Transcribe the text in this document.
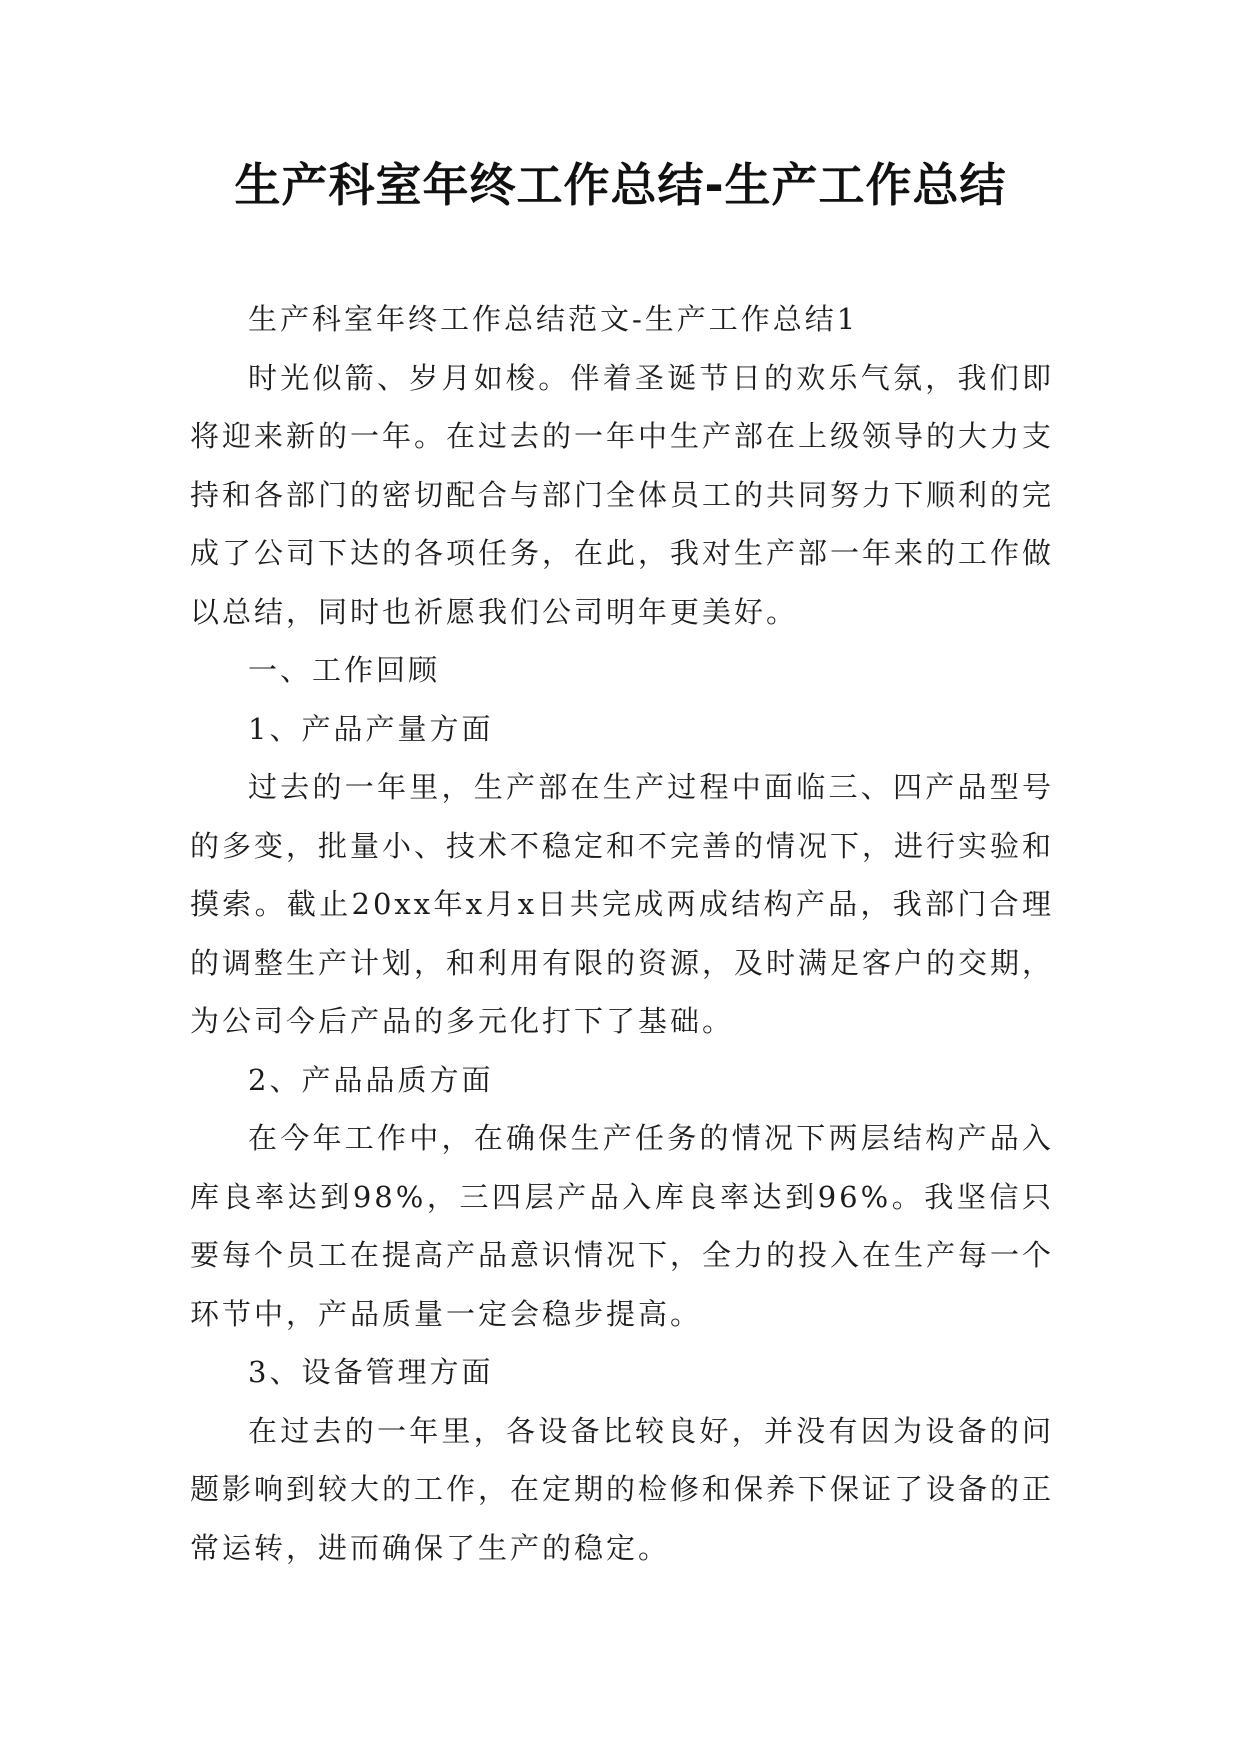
生产科室年终工作总结-生产工作总结

生产科室年终工作总结范文-生产工作总结1

时光似箭、岁月如梭。伴着圣诞节日的欢乐气氛，我们即将迎来新的一年。在过去的一年中生产部在上级领导的大力支持和各部门的密切配合与部门全体员工的共同努力下顺利的完成了公司下达的各项任务，在此，我对生产部一年来的工作做以总结，同时也祈愿我们公司明年更美好。

一、工作回顾

1、产品产量方面

过去的一年里，生产部在生产过程中面临三、四产品型号的多变，批量小、技术不稳定和不完善的情况下，进行实验和摸索。截止20xx年x月x日共完成两成结构产品，我部门合理的调整生产计划，和利用有限的资源，及时满足客户的交期，为公司今后产品的多元化打下了基础。

2、产品品质方面

在今年工作中，在确保生产任务的情况下两层结构产品入库良率达到98%，三四层产品入库良率达到96%。我坚信只要每个员工在提高产品意识情况下，全力的投入在生产每一个环节中，产品质量一定会稳步提高。

3、设备管理方面

在过去的一年里，各设备比较良好，并没有因为设备的问题影响到较大的工作，在定期的检修和保养下保证了设备的正常运转，进而确保了生产的稳定。
